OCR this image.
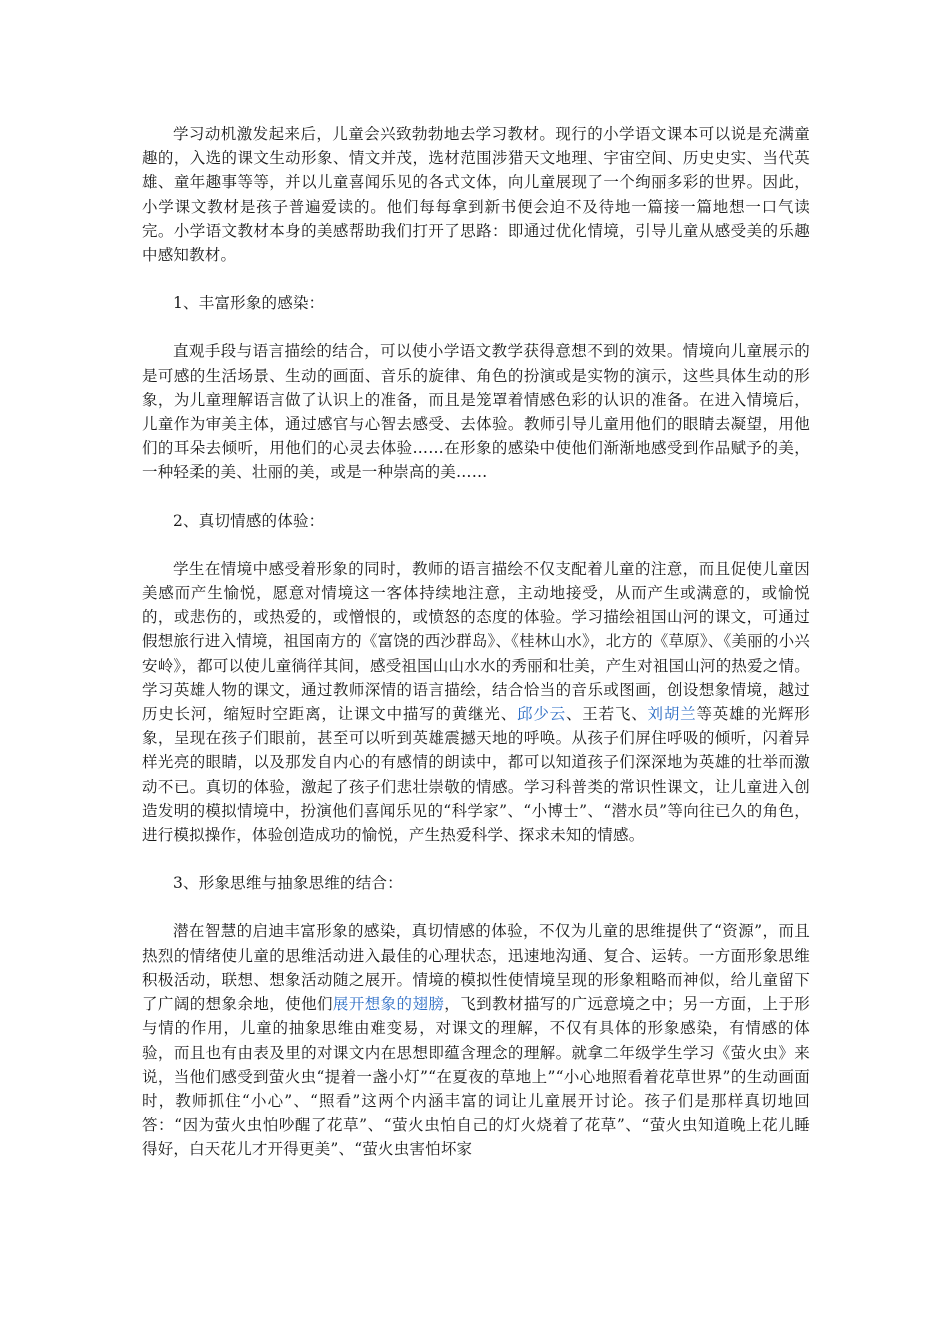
学习动机激发起来后，儿童会兴致勃勃地去学习教材。现行的小学语文课本可以说是充满童趣的，入选的课文生动形象、情文并茂，选材范围涉猎天文地理、宇宙空间、历史史实、当代英雄、童年趣事等等，并以儿童喜闻乐见的各式文体，向儿童展现了一个绚丽多彩的世界。因此，小学课文教材是孩子普遍爱读的。他们每每拿到新书便会迫不及待地一篇接一篇地想一口气读完。小学语文教材本身的美感帮助我们打开了思路：即通过优化情境，引导儿童从感受美的乐趣中感知教材。

1、丰富形象的感染：

直观手段与语言描绘的结合，可以使小学语文教学获得意想不到的效果。情境向儿童展示的是可感的生活场景、生动的画面、音乐的旋律、角色的扮演或是实物的演示，这些具体生动的形象，为儿童理解语言做了认识上的准备，而且是笼罩着情感色彩的认识的准备。在进入情境后，儿童作为审美主体，通过感官与心智去感受、去体验。教师引导儿童用他们的眼睛去凝望，用他们的耳朵去倾听，用他们的心灵去体验……在形象的感染中使他们渐渐地感受到作品赋予的美，一种轻柔的美、壮丽的美，或是一种崇高的美……

2、真切情感的体验：

学生在情境中感受着形象的同时，教师的语言描绘不仅支配着儿童的注意，而且促使儿童因美感而产生愉悦，愿意对情境这一客体持续地注意，主动地接受，从而产生或满意的，或愉悦的，或悲伤的，或热爱的，或憎恨的，或愤怒的态度的体验。学习描绘祖国山河的课文，可通过假想旅行进入情境，祖国南方的《富饶的西沙群岛》、《桂林山水》，北方的《草原》、《美丽的小兴安岭》，都可以使儿童徜徉其间，感受祖国山山水水的秀丽和壮美，产生对祖国山河的热爱之情。学习英雄人物的课文，通过教师深情的语言描绘，结合恰当的音乐或图画，创设想象情境，越过历史长河，缩短时空距离，让课文中描写的黄继光、邱少云、王若飞、刘胡兰等英雄的光辉形象，呈现在孩子们眼前，甚至可以听到英雄震撼天地的呼唤。从孩子们屏住呼吸的倾听，闪着异样光亮的眼睛，以及那发自内心的有感情的朗读中，都可以知道孩子们深深地为英雄的壮举而激动不已。真切的体验，激起了孩子们悲壮崇敬的情感。学习科普类的常识性课文，让儿童进入创造发明的模拟情境中，扮演他们喜闻乐见的“科学家”、“小博士”、“潜水员”等向往已久的角色，进行模拟操作，体验创造成功的愉悦，产生热爱科学、探求未知的情感。

3、形象思维与抽象思维的结合：

潜在智慧的启迪丰富形象的感染，真切情感的体验，不仅为儿童的思维提供了“资源”，而且热烈的情绪使儿童的思维活动进入最佳的心理状态，迅速地沟通、复合、运转。一方面形象思维积极活动，联想、想象活动随之展开。情境的模拟性使情境呈现的形象粗略而神似，给儿童留下了广阔的想象余地，使他们展开想象的翅膀，飞到教材描写的广远意境之中；另一方面，上于形与情的作用，儿童的抽象思维由难变易，对课文的理解，不仅有具体的形象感染，有情感的体验，而且也有由表及里的对课文内在思想即蕴含理念的理解。就拿二年级学生学习《萤火虫》来说，当他们感受到萤火虫“提着一盏小灯”“在夏夜的草地上”“小心地照看着花草世界”的生动画面时，教师抓住“小心”、“照看”这两个内涵丰富的词让儿童展开讨论。孩子们是那样真切地回答：“因为萤火虫怕吵醒了花草”、“萤火虫怕自己的灯火烧着了花草”、“萤火虫知道晚上花儿睡得好，白天花儿才开得更美”、“萤火虫害怕坏家
